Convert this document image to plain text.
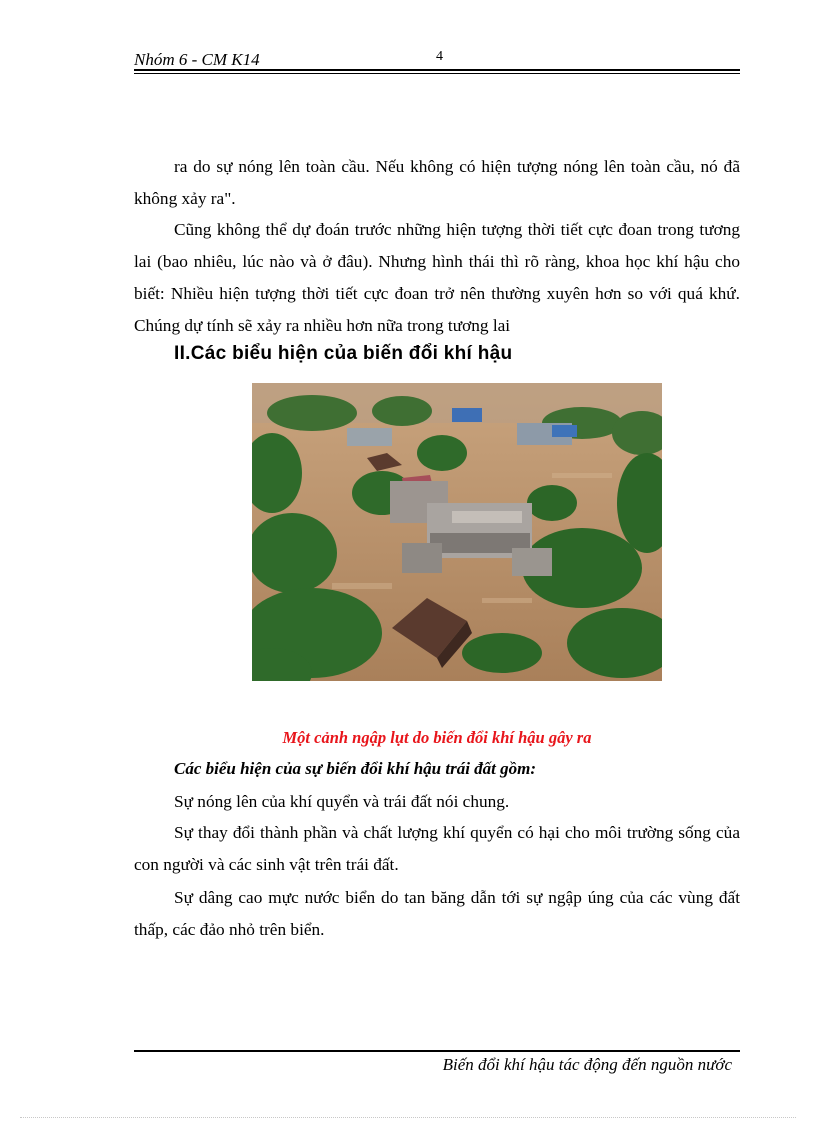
Nhóm 6 - CM K14	4

ra do sự nóng lên toàn cầu. Nếu không có hiện tượng nóng lên toàn cầu, nó đã không xảy ra".

Cũng không thể dự đoán trước những hiện tượng thời tiết cực đoan trong tương lai (bao nhiêu, lúc nào và ở đâu). Nhưng hình thái thì rõ ràng, khoa học khí hậu cho biết: Nhiều hiện tượng thời tiết cực đoan trở nên thường xuyên hơn so với quá khứ. Chúng dự tính sẽ xảy ra nhiều hơn nữa trong tương lai

II.Các biểu hiện của biến đổi khí hậu
Một cảnh ngập lụt do biến đổi khí hậu gây ra
Các biểu hiện của sự biến đổi khí hậu trái đất gồm:

Sự nóng lên của khí quyển và trái đất nói chung.

Sự thay đổi thành phần và chất lượng khí quyển có hại cho môi trường sống của con người và các sinh vật trên trái đất.

Sự dâng cao mực nước biển do tan băng dẫn tới sự ngập úng của các vùng đất thấp, các đảo nhỏ trên biển.

Biến đổi khí hậu tác động đến nguồn nước
